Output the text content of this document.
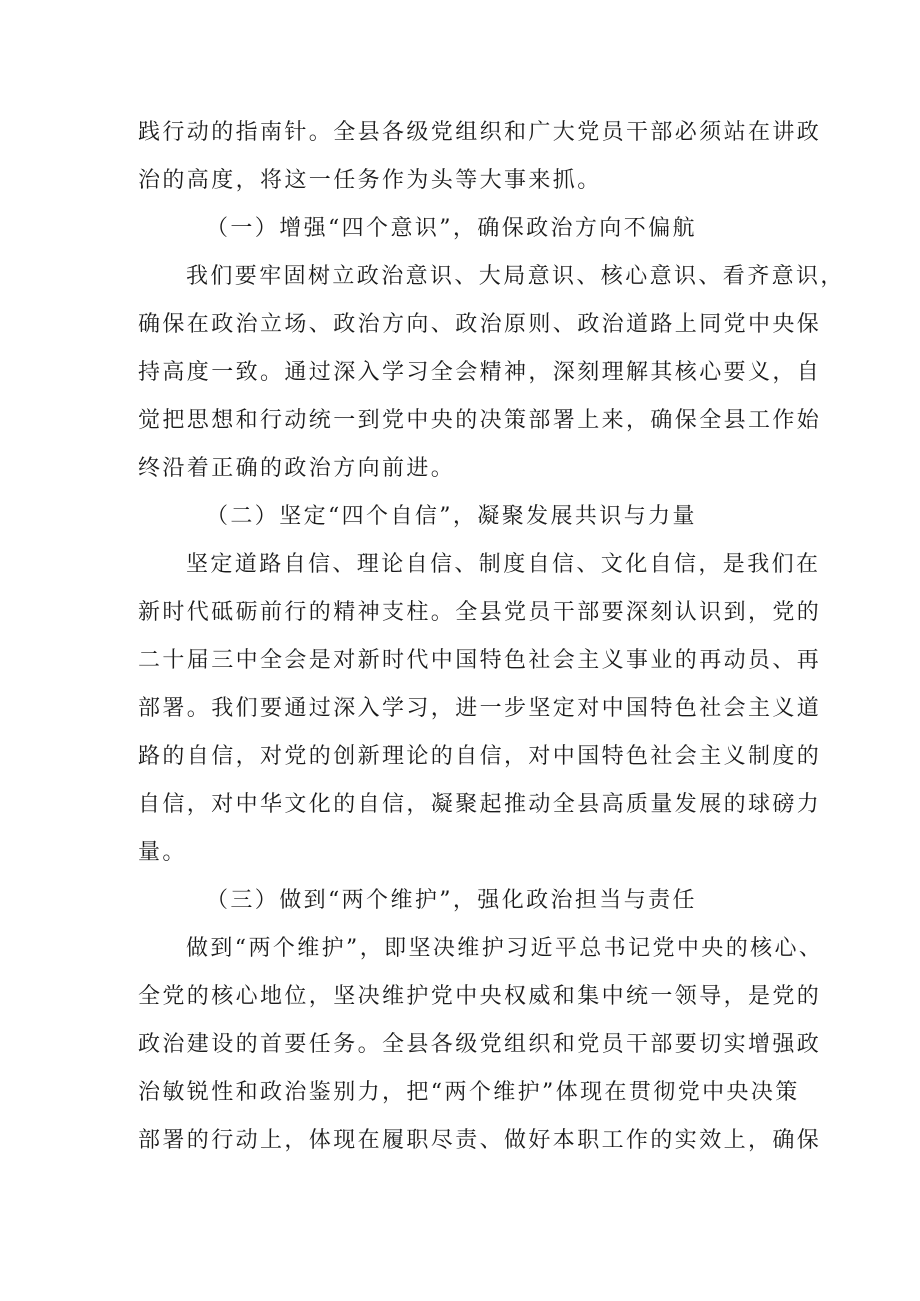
践行动的指南针。全县各级党组织和广大党员干部必须站在讲政
治的高度，将这一任务作为头等大事来抓。
（一）增强“四个意识”，确保政治方向不偏航
我们要牢固树立政治意识、大局意识、核心意识、看齐意识，
确保在政治立场、政治方向、政治原则、政治道路上同党中央保
持高度一致。通过深入学习全会精神，深刻理解其核心要义，自
觉把思想和行动统一到党中央的决策部署上来，确保全县工作始
终沿着正确的政治方向前进。
（二）坚定“四个自信”，凝聚发展共识与力量
坚定道路自信、理论自信、制度自信、文化自信，是我们在
新时代砥砺前行的精神支柱。全县党员干部要深刻认识到，党的
二十届三中全会是对新时代中国特色社会主义事业的再动员、再
部署。我们要通过深入学习，进一步坚定对中国特色社会主义道
路的自信，对党的创新理论的自信，对中国特色社会主义制度的
自信，对中华文化的自信，凝聚起推动全县高质量发展的球磅力
量。
（三）做到“两个维护”，强化政治担当与责任
做到“两个维护”，即坚决维护习近平总书记党中央的核心、
全党的核心地位，坚决维护党中央权威和集中统一领导，是党的
政治建设的首要任务。全县各级党组织和党员干部要切实增强政
治敏锐性和政治鉴别力，把“两个维护”体现在贯彻党中央决策
部署的行动上，体现在履职尽责、做好本职工作的实效上，确保
